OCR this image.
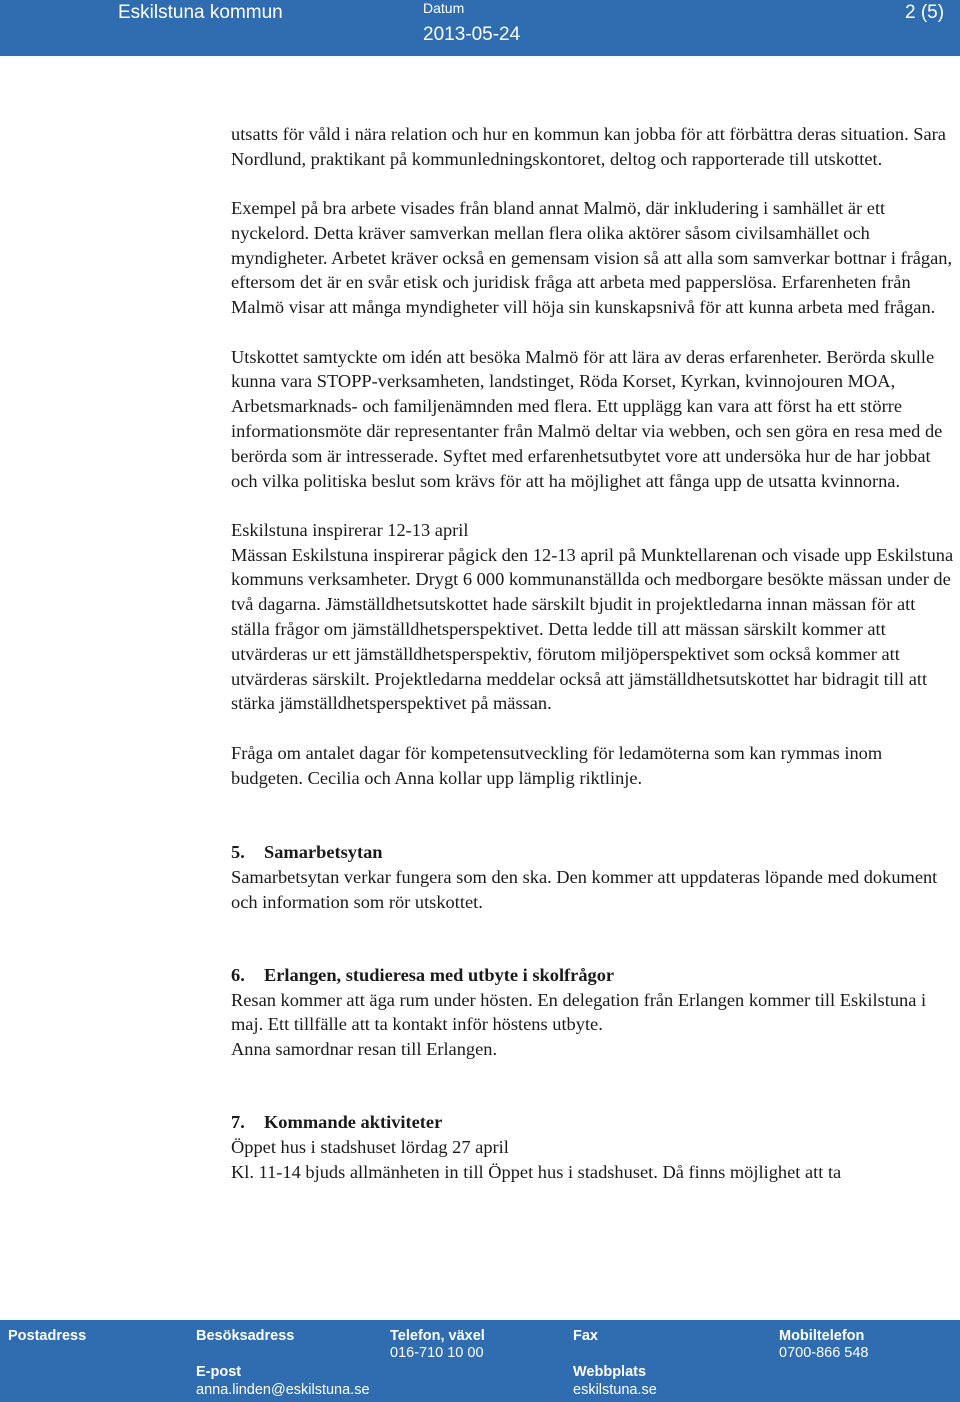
Eskilstuna kommun	Datum
2013-05-24
2 (5)

utsatts för våld i nära relation och hur en kommun kan jobba för att förbättra deras situation. Sara Nordlund, praktikant på kommunledningskontoret, deltog och rapporterade till utskottet.

Exempel på bra arbete visades från bland annat Malmö, där inkludering i samhället är ett nyckelord. Detta kräver samverkan mellan flera olika aktörer såsom civilsamhället och myndigheter. Arbetet kräver också en gemensam vision så att alla som samverkar bottnar i frågan, eftersom det är en svår etisk och juridisk fråga att arbeta med papperslösa. Erfarenheten från Malmö visar att många myndigheter vill höja sin kunskapsnivå för att kunna arbeta med frågan.

Utskottet samtyckte om idén att besöka Malmö för att lära av deras erfarenheter. Berörda skulle kunna vara STOPP-verksamheten, landstinget, Röda Korset, Kyrkan, kvinnojouren MOA, Arbetsmarknads- och familjenämnden med flera. Ett upplägg kan vara att först ha ett större informationsmöte där representanter från Malmö deltar via webben, och sen göra en resa med de berörda som är intresserade. Syftet med erfarenhetsutbytet vore att undersöka hur de har jobbat och vilka politiska beslut som krävs för att ha möjlighet att fånga upp de utsatta kvinnorna.

Eskilstuna inspirerar 12-13 april

Mässan Eskilstuna inspirerar pågick den 12-13 april på Munktellarenan och visade upp Eskilstuna kommuns verksamheter. Drygt 6 000 kommunanställda och medborgare besökte mässan under de två dagarna. Jämställdhetsutskottet hade särskilt bjudit in projektledarna innan mässan för att ställa frågor om jämställdhetsperspektivet. Detta ledde till att mässan särskilt kommer att utvärderas ur ett jämställdhetsperspektiv, förutom miljöperspektivet som också kommer att utvärderas särskilt. Projektledarna meddelar också att jämställdhetsutskottet har bidragit till att stärka jämställdhetsperspektivet på mässan.

Fråga om antalet dagar för kompetensutveckling för ledamöterna som kan rymmas inom budgeten. Cecilia och Anna kollar upp lämplig riktlinje.

5. Samarbetsytan

Samarbetsytan verkar fungera som den ska. Den kommer att uppdateras löpande med dokument och information som rör utskottet.

6. Erlangen, studieresa med utbyte i skolfrågor

Resan kommer att äga rum under hösten. En delegation från Erlangen kommer till Eskilstuna i maj. Ett tillfälle att ta kontakt inför höstens utbyte.

Anna samordnar resan till Erlangen.

7. Kommande aktiviteter

Öppet hus i stadshuset lördag 27 april

Kl. 11-14 bjuds allmänheten in till Öppet hus i stadshuset. Då finns möjlighet att ta

Postadress	Besöksadress	Telefon, växel
016-710 10 00
Fax	Mobiltelefon
0700-866 548
E-post
anna.linden@eskilstuna.se
Webbplats
eskilstuna.se
